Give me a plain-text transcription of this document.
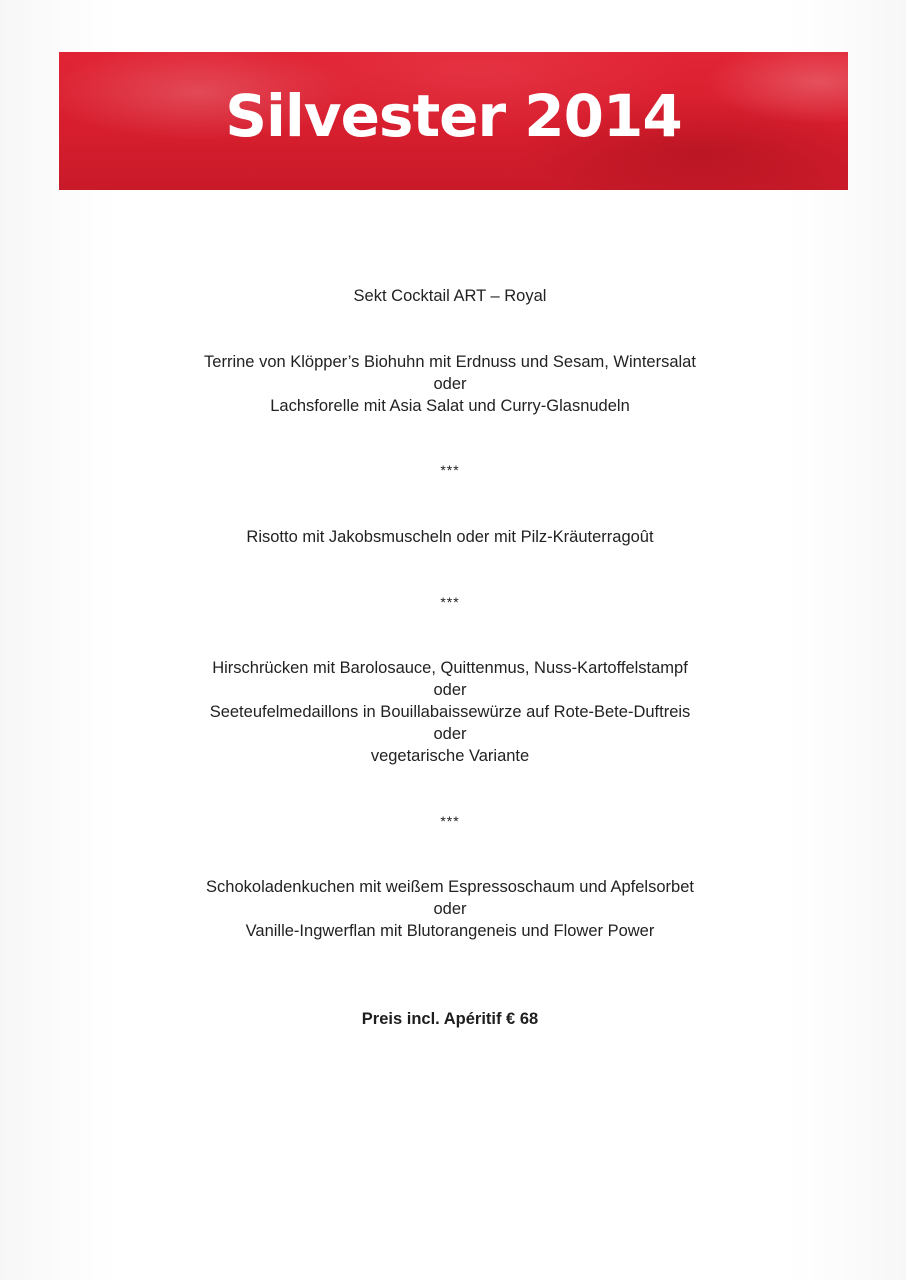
Silvester 2014
Sekt Cocktail ART – Royal
Terrine von Klöpper’s Biohuhn mit Erdnuss und Sesam, Wintersalat
oder
Lachsforelle mit Asia Salat und Curry-Glasnudeln
***
Risotto mit Jakobsmuscheln oder mit Pilz-Kräuterragoût
***
Hirschrücken mit Barolosauce, Quittenmus, Nuss-Kartoffelstampf
oder
Seeteufelmedaillons in Bouillabaissewürze auf Rote-Bete-Duftreis
oder
vegetarische Variante
***
Schokoladenkuchen mit weißem Espressoschaum und Apfelsorbet
oder
Vanille-Ingwerflan mit Blutorangeneis und Flower Power
Preis incl. Apéritif € 68
